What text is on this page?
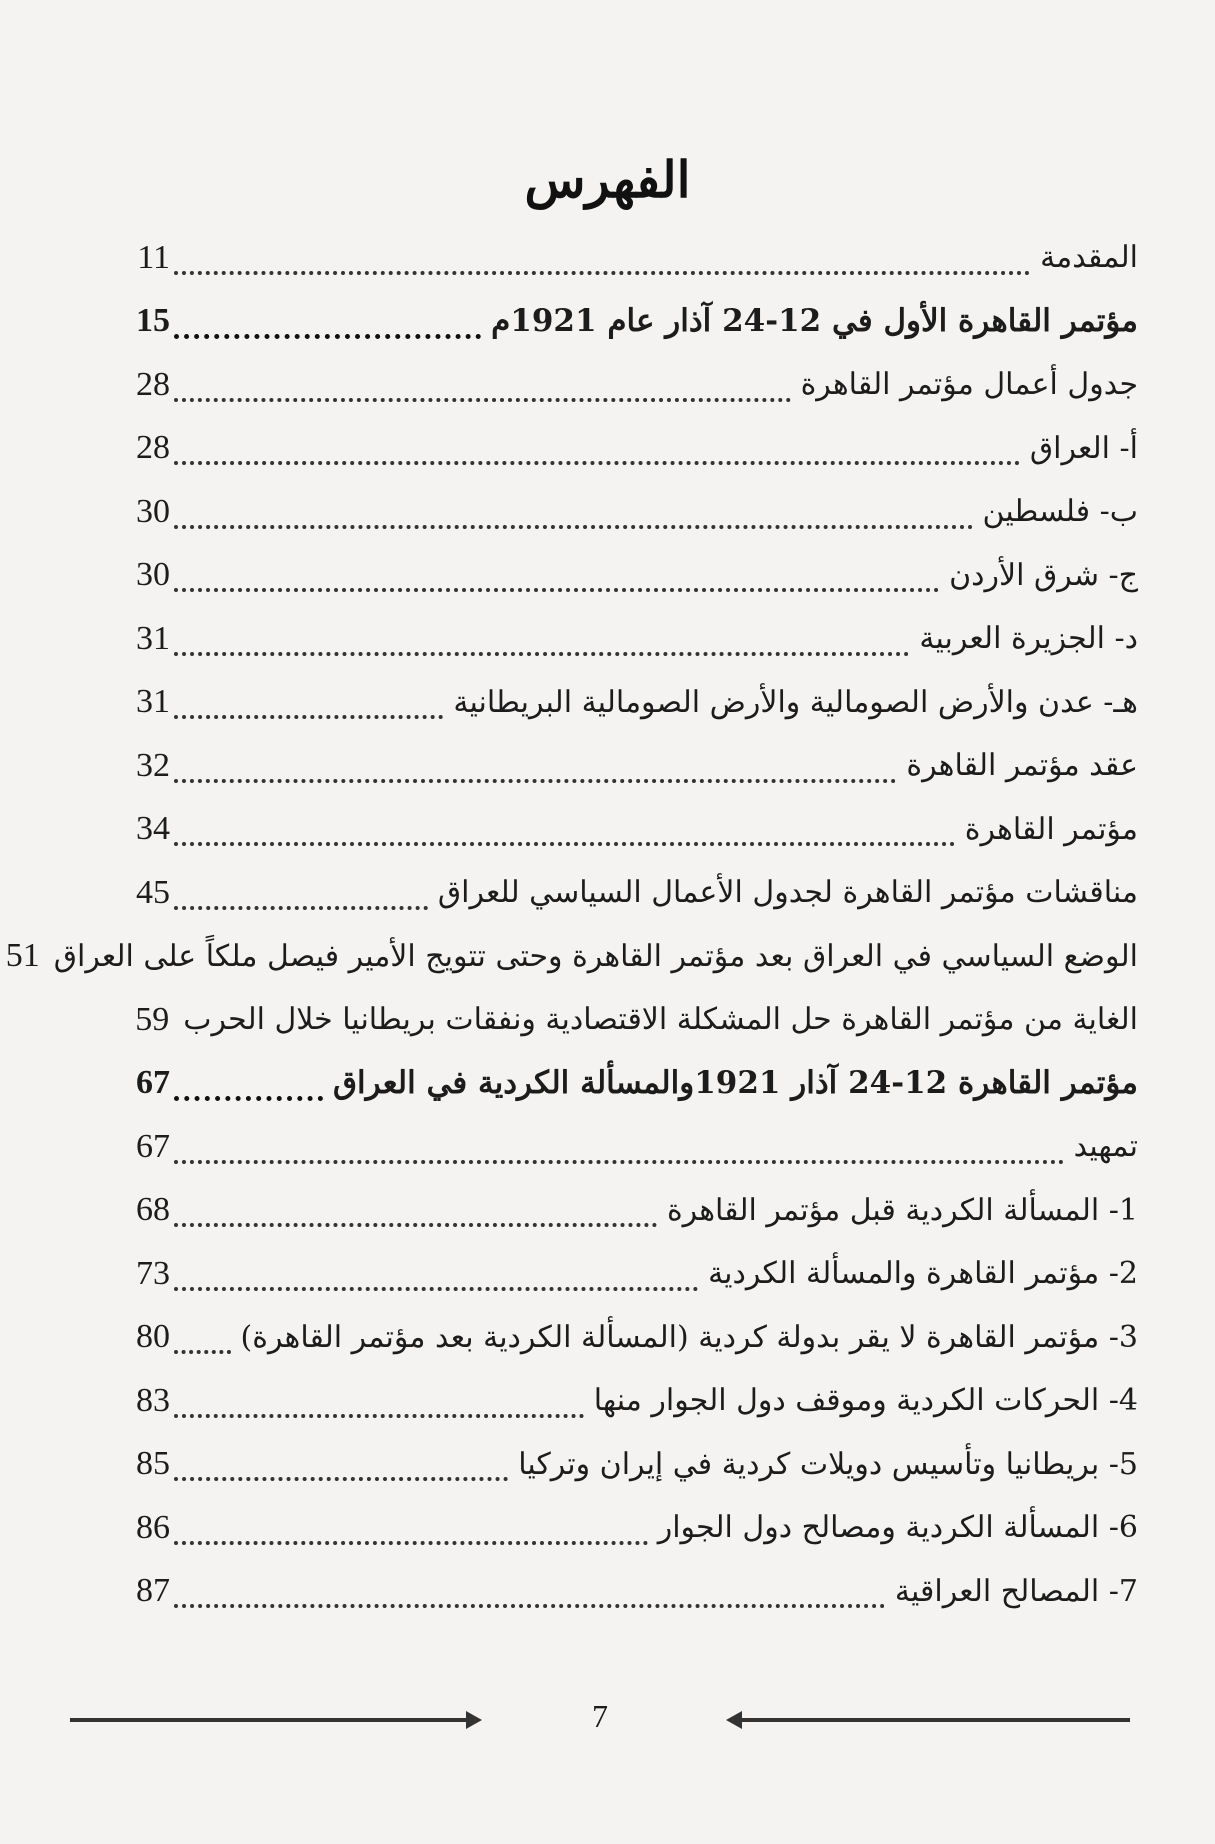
الفهرس
المقدمة
11
مؤتمر القاهرة الأول في 12-24 آذار عام 1921م
15
جدول أعمال مؤتمر القاهرة
28
أ- العراق
28
ب- فلسطين
30
ج- شرق الأردن
30
د- الجزيرة العربية
31
هـ- عدن والأرض الصومالية والأرض الصومالية البريطانية
31
عقد مؤتمر القاهرة
32
مؤتمر القاهرة
34
مناقشات مؤتمر القاهرة لجدول الأعمال السياسي للعراق
45
الوضع السياسي في العراق بعد مؤتمر القاهرة وحتى تتويج الأمير فيصل ملكاً على العراق
51
الغاية من مؤتمر القاهرة حل المشكلة الاقتصادية ونفقات بريطانيا خلال الحرب
59
مؤتمر القاهرة 12-24 آذار 1921والمسألة الكردية في العراق
67
تمهيد
67
1- المسألة الكردية قبل مؤتمر القاهرة
68
2- مؤتمر القاهرة والمسألة الكردية
73
3- مؤتمر القاهرة لا يقر بدولة كردية (المسألة الكردية بعد مؤتمر القاهرة)
80
4- الحركات الكردية وموقف دول الجوار منها
83
5- بريطانيا وتأسيس دويلات كردية في إيران وتركيا
85
6- المسألة الكردية ومصالح دول الجوار
86
7- المصالح العراقية
87
7
